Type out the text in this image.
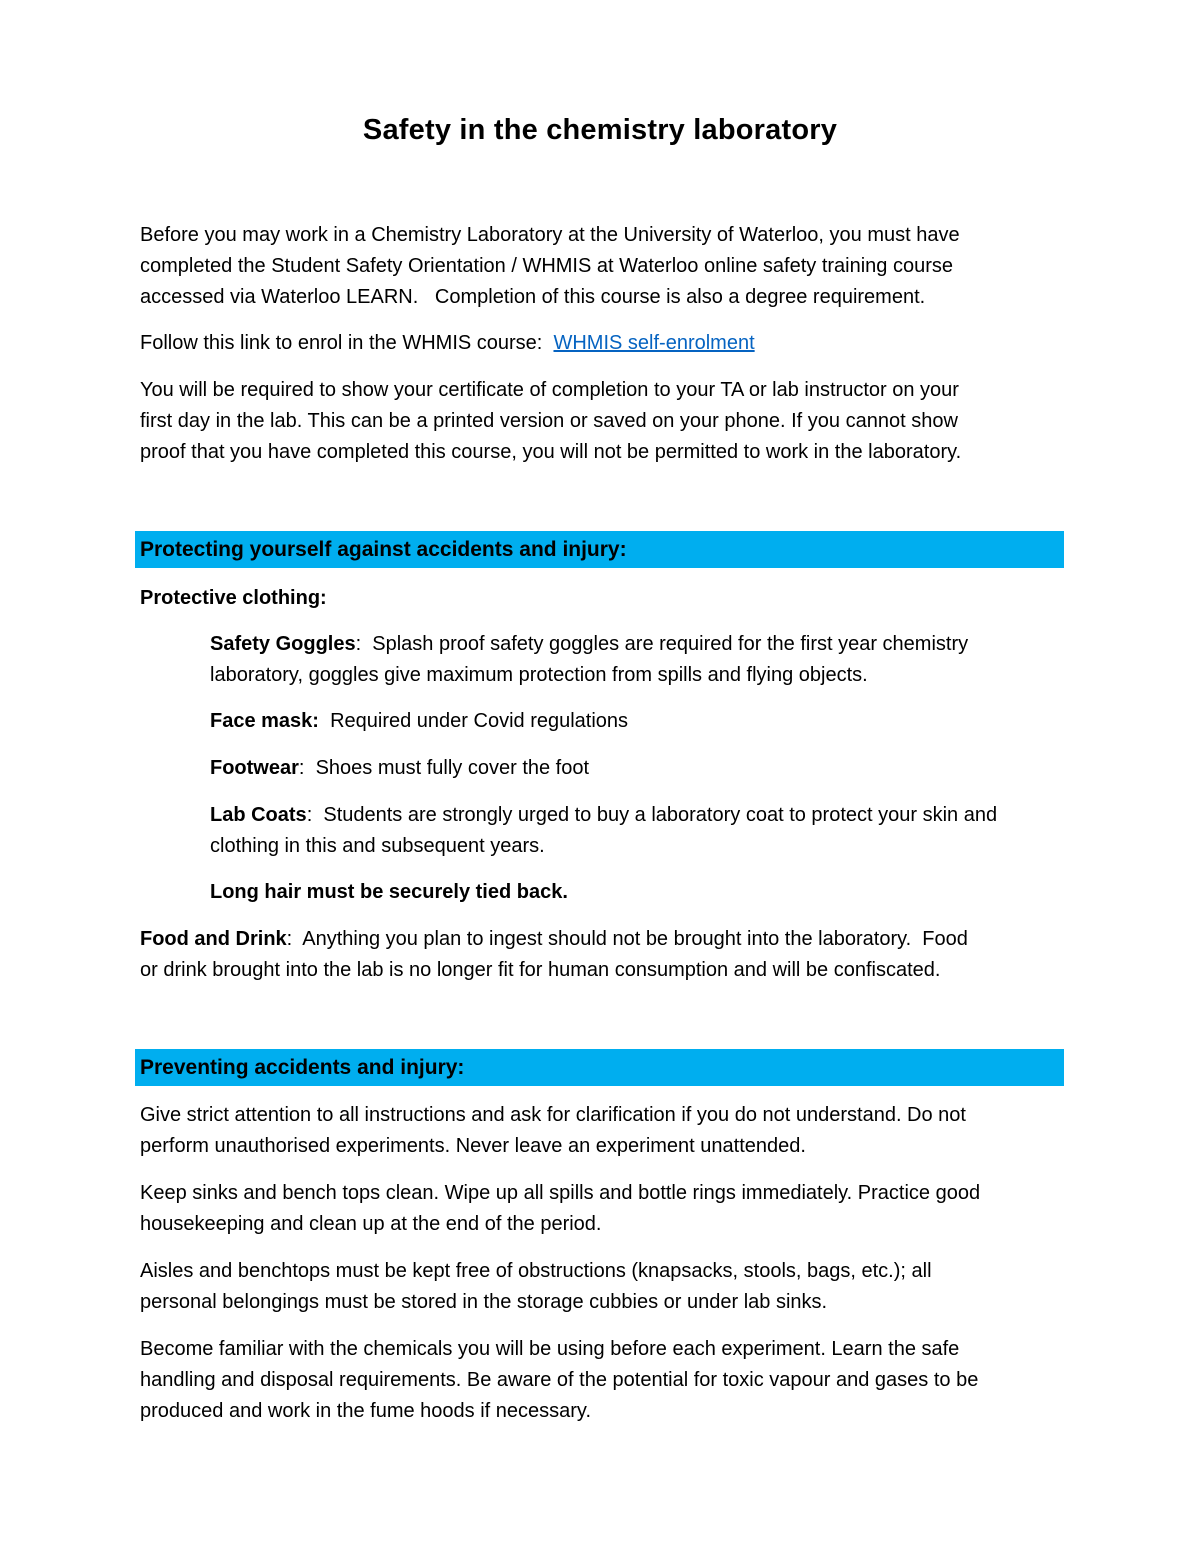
Safety in the chemistry laboratory
Before you may work in a Chemistry Laboratory at the University of Waterloo, you must have
completed the Student Safety Orientation / WHMIS at Waterloo online safety training course
accessed via Waterloo LEARN.   Completion of this course is also a degree requirement.
Follow this link to enrol in the WHMIS course:  WHMIS self-enrolment
You will be required to show your certificate of completion to your TA or lab instructor on your
first day in the lab. This can be a printed version or saved on your phone. If you cannot show
proof that you have completed this course, you will not be permitted to work in the laboratory.
Protecting yourself against accidents and injury:
Protective clothing:
Safety Goggles:  Splash proof safety goggles are required for the first year chemistry
laboratory, goggles give maximum protection from spills and flying objects.
Face mask:  Required under Covid regulations
Footwear:  Shoes must fully cover the foot
Lab Coats:  Students are strongly urged to buy a laboratory coat to protect your skin and
clothing in this and subsequent years.
Long hair must be securely tied back.
Food and Drink:  Anything you plan to ingest should not be brought into the laboratory.  Food
or drink brought into the lab is no longer fit for human consumption and will be confiscated.
Preventing accidents and injury:
Give strict attention to all instructions and ask for clarification if you do not understand. Do not
perform unauthorised experiments. Never leave an experiment unattended.
Keep sinks and bench tops clean. Wipe up all spills and bottle rings immediately. Practice good
housekeeping and clean up at the end of the period.
Aisles and benchtops must be kept free of obstructions (knapsacks, stools, bags, etc.); all
personal belongings must be stored in the storage cubbies or under lab sinks.
Become familiar with the chemicals you will be using before each experiment. Learn the safe
handling and disposal requirements. Be aware of the potential for toxic vapour and gases to be
produced and work in the fume hoods if necessary.
